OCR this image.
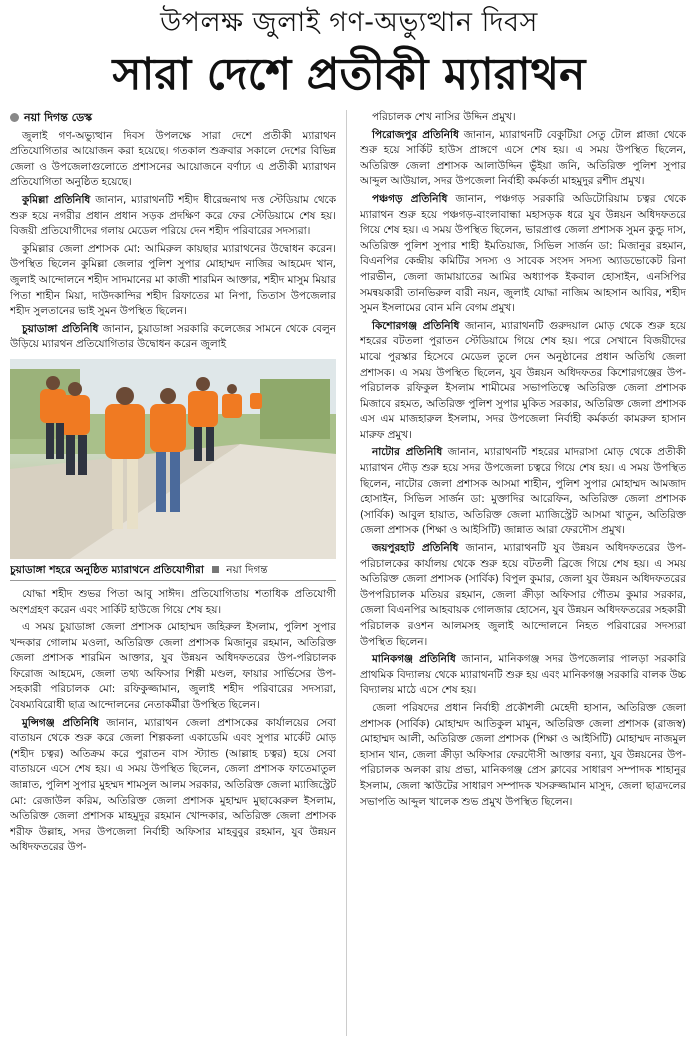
উপলক্ষ জুলাই গণ-অভ্যুত্থান দিবস
সারা দেশে প্রতীকী ম্যারাথন
নয়া দিগন্ত ডেস্ক

জুলাই গণ-অভ্যুত্থান দিবস উপলক্ষে সারা দেশে প্রতীকী ম্যারাথন প্রতিযোগিতার আয়োজন করা হয়েছে। গতকাল শুক্রবার সকালে দেশের বিভিন্ন জেলা ও উপজেলাগুলোতে প্রশাসনের আয়োজনে বর্ণাঢ্য এ প্রতীকী ম্যারাথন প্রতিযোগিতা অনুষ্ঠিত হয়েছে।

কুমিল্লা প্রতিনিধি জানান, ম্যারাথনটি শহীদ ধীরেন্দ্রনাথ দত্ত স্টেডিয়াম থেকে শুরু হয়ে নগরীর প্রধান প্রধান সড়ক প্রদক্ষিণ করে ফের স্টেডিয়ামে শেষ হয়। বিজয়ী প্রতিযোগীদের গলায় মেডেল পরিয়ে দেন শহীদ পরিবারের সদস্যরা।

কুমিল্লার জেলা প্রশাসক মো: আমিরুল কায়ছার ম্যারাথনের উদ্বোধন করেন। উপস্থিত ছিলেন কুমিল্লা জেলার পুলিশ সুপার মোহাম্মদ নাজির আহমেদ খান, জুলাই আন্দোলনে শহীদ সাদমানের মা কাজী শারমিন আক্তার, শহীদ মাসুম মিয়ার পিতা শাহীন মিয়া, দাউদকান্দির শহীদ রিফাতের মা নিপা, তিতাস উপজেলার শহীদ সুলতানের ভাই সুমন উপস্থিত ছিলেন।

চুয়াডাঙ্গা প্রতিনিধি জানান, চুয়াডাঙ্গা সরকারি কলেজের সামনে থেকে বেলুন উড়িয়ে ম্যারথন প্রতিযোগিতার উদ্বোধন করেন জুলাই

চুয়াডাঙ্গা শহরে অনুষ্ঠিত ম্যারাথনে প্রতিযোগীরা নয়া দিগন্ত

যোদ্ধা শহীদ শুভর পিতা আবু সাঈদ। প্রতিযোগিতায় শতাধিক প্রতিযোগী অংশগ্রহণ করেন এবং সার্কিট হাউজে গিয়ে শেষ হয়।

এ সময় চুয়াডাঙ্গা জেলা প্রশাসক মোহাম্মদ জহিরুল ইসলাম, পুলিশ সুপার খন্দকার গোলাম মওলা, অতিরিক্ত জেলা প্রশাসক মিজানুর রহমান, অতিরিক্ত জেলা প্রশাসক শারমিন আক্তার, যুব উন্নয়ন অধিদফতরের উপ-পরিচালক ফিরোজ আহমেদ, জেলা তথ্য অফিসার শিল্পী মণ্ডল, ফায়ার সার্ভিসের উপ-সহকারী পরিচালক মো: রফিকুজ্জামান, জুলাই শহীদ পরিবারের সদস্যরা, বৈষম্যবিরোধী ছাত্র আন্দোলনের নেতাকর্মীরা উপস্থিত ছিলেন।

মুন্সিগঞ্জ প্রতিনিধি জানান, ম্যারাথন জেলা প্রশাসকের কার্যালয়ের সেবা বাতায়ন থেকে শুরু করে জেলা শিল্পকলা একাডেমি এবং সুপার মার্কেট মোড় (শহীদ চত্বর) অতিক্রম করে পুরাতন বাস স্ট্যান্ড (আল্লাহ চত্বর) হয়ে সেবা বাতায়নে এসে শেষ হয়। এ সময় উপস্থিত ছিলেন, জেলা প্রশাসক ফাতেমাতুল জান্নাত, পুলিশ সুপার মুহম্মদ শামসুল আলম সরকার, অতিরিক্ত জেলা ম্যাজিস্ট্রেট মো: রেজাউল করিম, অতিরিক্ত জেলা প্রশাসক মুহাম্মদ মুছাব্বেরুল ইসলাম, অতিরিক্ত জেলা প্রশাসক মাহমুদুর রহমান খোন্দকার, অতিরিক্ত জেলা প্রশাসক শরীফ উল্লাহ, সদর উপজেলা নির্বাহী অফিসার মাহবুবুর রহমান, যুব উন্নয়ন অধিদফতরের উপ-

পরিচালক শেখ নাসির উদ্দিন প্রমুখ।

পিরোজপুর প্রতিনিধি জানান, ম্যারাথনটি বেকুটিয়া সেতু টোল প্লাজা থেকে শুরু হয়ে সার্কিট হাউস প্রাঙ্গণে এসে শেষ হয়। এ সময় উপস্থিত ছিলেন, অতিরিক্ত জেলা প্রশাসক আলাউদ্দিন ভুঁইয়া জনি, অতিরিক্ত পুলিশ সুপার আব্দুল আউয়াল, সদর উপজেলা নির্বাহী কর্মকর্তা মাহমুদুর রশীদ প্রমুখ।

পঞ্চগড় প্রতিনিধি জানান, পঞ্চগড় সরকারি অডিটোরিয়াম চত্বর থেকে ম্যারাথন শুরু হয়ে পঞ্চগড়-বাংলাবান্ধা মহাসড়ক ধরে যুব উন্নয়ন অধিদফতরে গিয়ে শেষ হয়। এ সময় উপস্থিত ছিলেন, ভারপ্রাপ্ত জেলা প্রশাসক সুমন কুন্ডু দাস, অতিরিক্ত পুলিশ সুপার শাহী ইমতিয়াজ, সিভিল সার্জন ডা: মিজানুর রহমান, বিএনপির কেন্দ্রীয় কমিটির সদস্য ও সাবেক সংসদ সদস্য অ্যাডভোকেট রিনা পারভীন, জেলা জামায়াতের আমির অধ্যাপক ইকবাল হোসাইন, এনসিপির সমন্বয়কারী তানভিরুল বারী নয়ন, জুলাই যোদ্ধা নাজিম আহসান আবির, শহীদ সুমন ইসলামের বোন মনি বেগম প্রমুখ।

কিশোরগঞ্জ প্রতিনিধি জানান, ম্যারাথনটি গুরুদয়াল মোড় থেকে শুরু হয়ে শহরের বটতলা পুরাতন স্টেডিয়ামে গিয়ে শেষ হয়। পরে সেখানে বিজয়ীদের মাঝে পুরস্কার হিসেবে মেডেল তুলে দেন অনুষ্ঠানের প্রধান অতিথি জেলা প্রশাসক। এ সময় উপস্থিত ছিলেন, যুব উন্নয়ন অধিদফতর কিশোরগঞ্জের উপ-পরিচালক রফিকুল ইসলাম শামীমের সভাপতিত্বে অতিরিক্ত জেলা প্রশাসক মিজাবে রহমত, অতিরিক্ত পুলিশ সুপার মুকিত সরকার, অতিরিক্ত জেলা প্রশাসক এস এম মাজহারুল ইসলাম, সদর উপজেলা নির্বাহী কর্মকর্তা কামরুল হাসান মারুফ প্রমুখ।

নাটোর প্রতিনিধি জানান, ম্যারাথনটি শহরের মাদরাসা মোড় থেকে প্রতীকী ম্যারাথন দৌড় শুরু হয়ে সদর উপজেলা চত্বরে গিয়ে শেষ হয়। এ সময় উপস্থিত ছিলেন, নাটোর জেলা প্রশাসক আসমা শাহীন, পুলিশ সুপার মোহাম্মদ আমজাদ হোসাইন, সিভিল সার্জন ডা: মুক্তাদির আরেফিন, অতিরিক্ত জেলা প্রশাসক (সার্বিক) আবুল হায়াত, অতিরিক্ত জেলা ম্যাজিস্ট্রেট আসমা খাতুন, অতিরিক্ত জেলা প্রশাসক (শিক্ষা ও আইসিটি) জান্নাত আরা ফেরদৌস প্রমুখ।

জয়পুরহাট প্রতিনিধি জানান, ম্যারাথনটি যুব উন্নয়ন অধিদফতরের উপ-পরিচালকের কার্যালয় থেকে শুরু হয়ে বটতলী ব্রিজে গিয়ে শেষ হয়। এ সময় অতিরিক্ত জেলা প্রশাসক (সার্বিক) বিপুল কুমার, জেলা যুব উন্নয়ন অধিদফতরের উপপরিচালক মতিয়র রহমান, জেলা ক্রীড়া অফিসার গৌতম কুমার সরকার, জেলা বিএনপির আহবায়ক গোলজার হোসেন, যুব উন্নয়ন অধিদফতরের সহকারী পরিচালক রওশন আলমসহ জুলাই আন্দোলনে নিহত পরিবারের সদস্যরা উপস্থিত ছিলেন।

মানিকগঞ্জ প্রতিনিধি জানান, মানিকগঞ্জ সদর উপজেলার পালড়া সরকারি প্রাথমিক বিদ্যালয় থেকে ম্যারাথনটি শুরু হয় এবং মানিকগঞ্জ সরকারি বালক উচ্চ বিদ্যালয় মাঠে এসে শেষ হয়।

জেলা পরিষদের প্রধান নির্বাহী প্রকৌশলী মেহেদী হাসান, অতিরিক্ত জেলা প্রশাসক (সার্বিক) মোহাম্মদ আতিকুল মামুন, অতিরিক্ত জেলা প্রশাসক (রাজস্ব) মোহাম্মদ আলী, অতিরিক্ত জেলা প্রশাসক (শিক্ষা ও আইসিটি) মোহাম্মদ নাজমুল হাসান খান, জেলা ক্রীড়া অফিসার ফেরদৌসী আক্তার বন্যা, যুব উন্নয়নের উপ-পরিচালক অলকা রায় প্রভা, মানিকগঞ্জ প্রেস ক্লাবের সাধারণ সম্পাদক শাহানুর ইসলাম, জেলা স্কাউটের সাধারণ সম্পাদক খসরুজ্জামান মাসুদ, জেলা ছাত্রদলের সভাপতি আব্দুল খালেক শুভ প্রমুখ উপস্থিত ছিলেন।
